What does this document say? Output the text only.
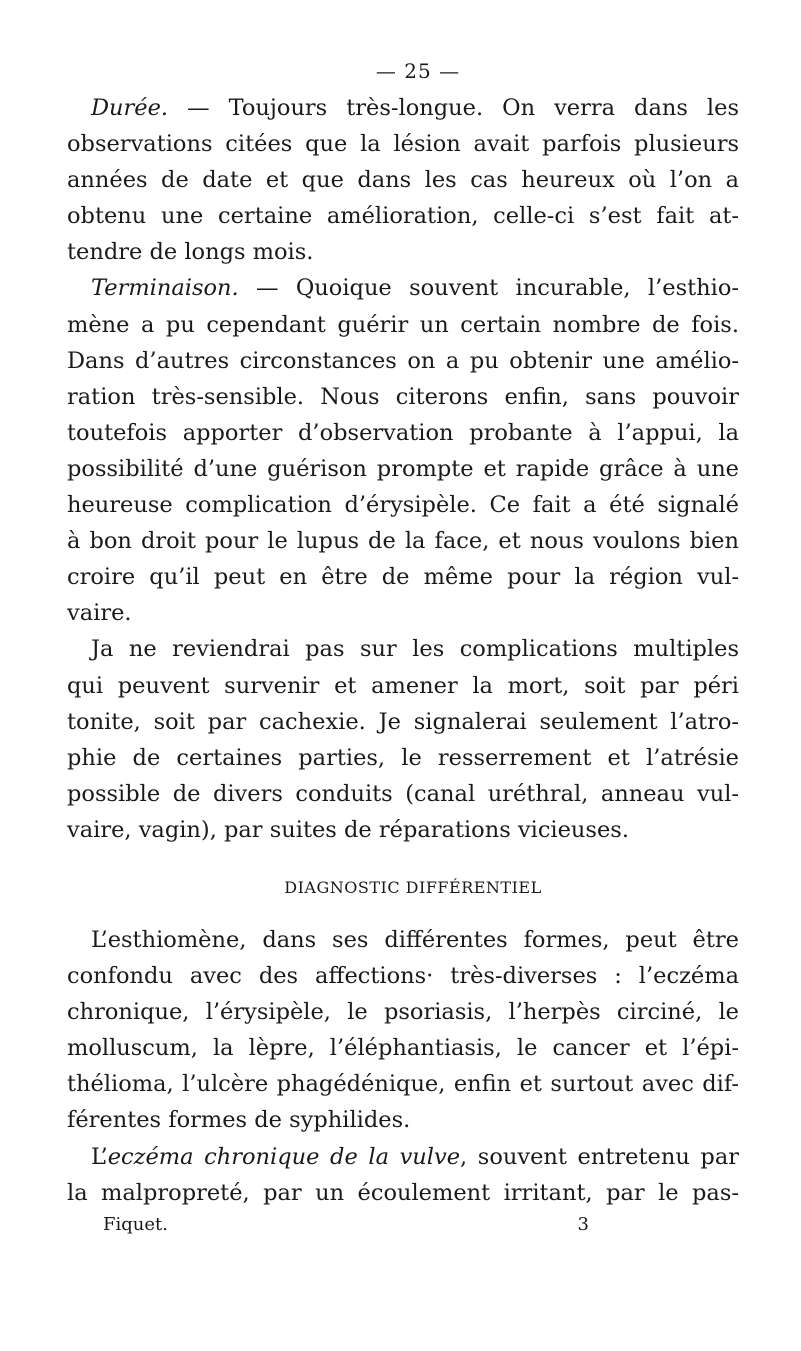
— 25 —

Durée. — Toujours très-longue. On verra dans les
observations citées que la lésion avait parfois plusieurs
années de date et que dans les cas heureux où l’on a
obtenu une certaine amélioration, celle-ci s’est fait at-
tendre de longs mois.

Terminaison. — Quoique souvent incurable, l’esthio-
mène a pu cependant guérir un certain nombre de fois.
Dans d’autres circonstances on a pu obtenir une amélio-
ration très-sensible. Nous citerons enfin, sans pouvoir
toutefois apporter d’observation probante à l’appui, la
possibilité d’une guérison prompte et rapide grâce à une
heureuse complication d’érysipèle. Ce fait a été signalé
à bon droit pour le lupus de la face, et nous voulons bien
croire qu’il peut en être de même pour la région vul-
vaire.

Ja ne reviendrai pas sur les complications multiples
qui peuvent survenir et amener la mort, soit par péri
tonite, soit par cachexie. Je signalerai seulement l’atro-
phie de certaines parties, le resserrement et l’atrésie
possible de divers conduits (canal uréthral, anneau vul-
vaire, vagin), par suites de réparations vicieuses.

DIAGNOSTIC DIFFÉRENTIEL

L’esthiomène, dans ses différentes formes, peut être
confondu avec des affections· très-diverses : l’eczéma
chronique, l’érysipèle, le psoriasis, l’herpès circiné, le
molluscum, la lèpre, l’éléphantiasis, le cancer et l’épi-
thélioma, l’ulcère phagédénique, enfin et surtout avec dif-
férentes formes de syphilides.

L’eczéma chronique de la vulve, souvent entretenu par
la malpropreté, par un écoulement irritant, par le pas-

Fiquet.	3
